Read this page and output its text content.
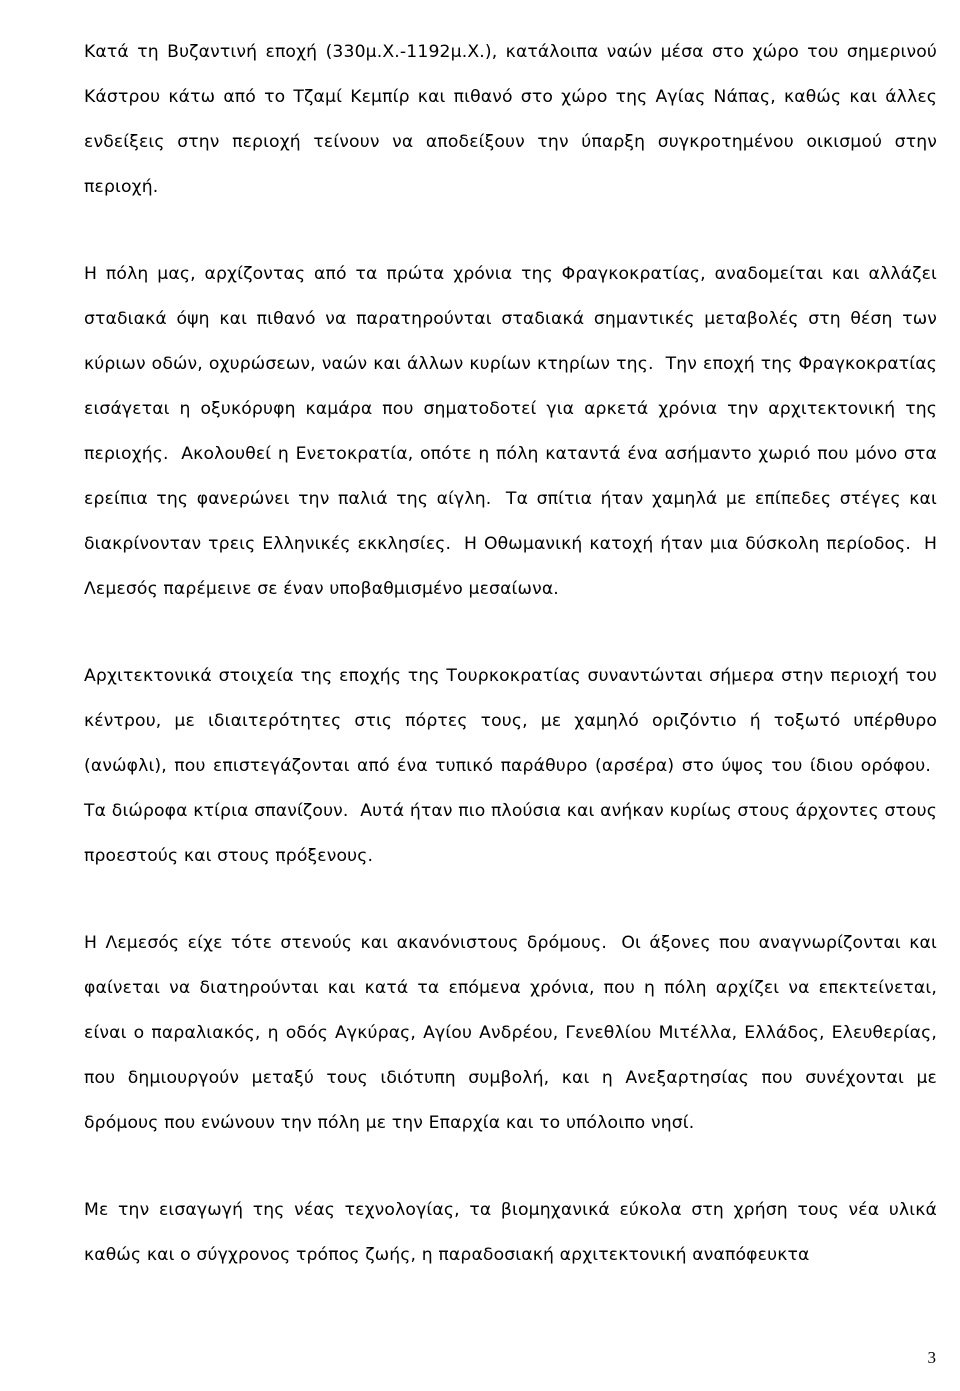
Κατά τη Βυζαντινή εποχή (330μ.Χ.-1192μ.Χ.), κατάλοιπα ναών μέσα στο χώρο του σημερινού Κάστρου κάτω από το Τζαμί Κεμπίρ και πιθανό στο χώρο της Αγίας Νάπας, καθώς και άλλες ενδείξεις στην περιοχή τείνουν να αποδείξουν την ύπαρξη συγκροτημένου οικισμού στην περιοχή.

Η πόλη μας, αρχίζοντας από τα πρώτα χρόνια της Φραγκοκρατίας, αναδομείται και αλλάζει σταδιακά όψη και πιθανό να παρατηρούνται σταδιακά σημαντικές μεταβολές στη θέση των κύριων οδών, οχυρώσεων, ναών και άλλων κυρίων κτηρίων της. Την εποχή της Φραγκοκρατίας εισάγεται η οξυκόρυφη καμάρα που σηματοδοτεί για αρκετά χρόνια την αρχιτεκτονική της περιοχής. Ακολουθεί η Ενετοκρατία, οπότε η πόλη καταντά ένα ασήμαντο χωριό που μόνο στα ερείπια της φανερώνει την παλιά της αίγλη. Τα σπίτια ήταν χαμηλά με επίπεδες στέγες και διακρίνονταν τρεις Ελληνικές εκκλησίες. Η Οθωμανική κατοχή ήταν μια δύσκολη περίοδος. Η Λεμεσός παρέμεινε σε έναν υποβαθμισμένο μεσαίωνα.

Αρχιτεκτονικά στοιχεία της εποχής της Τουρκοκρατίας συναντώνται σήμερα στην περιοχή του κέντρου, με ιδιαιτερότητες στις πόρτες τους, με χαμηλό οριζόντιο ή τοξωτό υπέρθυρο (ανώφλι), που επιστεγάζονται από ένα τυπικό παράθυρο (αρσέρα) στο ύψος του ίδιου ορόφου. Τα διώροφα κτίρια σπανίζουν. Αυτά ήταν πιο πλούσια και ανήκαν κυρίως στους άρχοντες στους προεστούς και στους πρόξενους.

Η Λεμεσός είχε τότε στενούς και ακανόνιστους δρόμους. Οι άξονες που αναγνωρίζονται και φαίνεται να διατηρούνται και κατά τα επόμενα χρόνια, που η πόλη αρχίζει να επεκτείνεται, είναι ο παραλιακός, η οδός Αγκύρας, Αγίου Ανδρέου, Γενεθλίου Μιτέλλα, Ελλάδος, Ελευθερίας, που δημιουργούν μεταξύ τους ιδιότυπη συμβολή, και η Ανεξαρτησίας που συνέχονται με δρόμους που ενώνουν την πόλη με την Επαρχία και το υπόλοιπο νησί.

Με την εισαγωγή της νέας τεχνολογίας, τα βιομηχανικά εύκολα στη χρήση τους νέα υλικά καθώς και ο σύγχρονος τρόπος ζωής, η παραδοσιακή αρχιτεκτονική αναπόφευκτα

3
